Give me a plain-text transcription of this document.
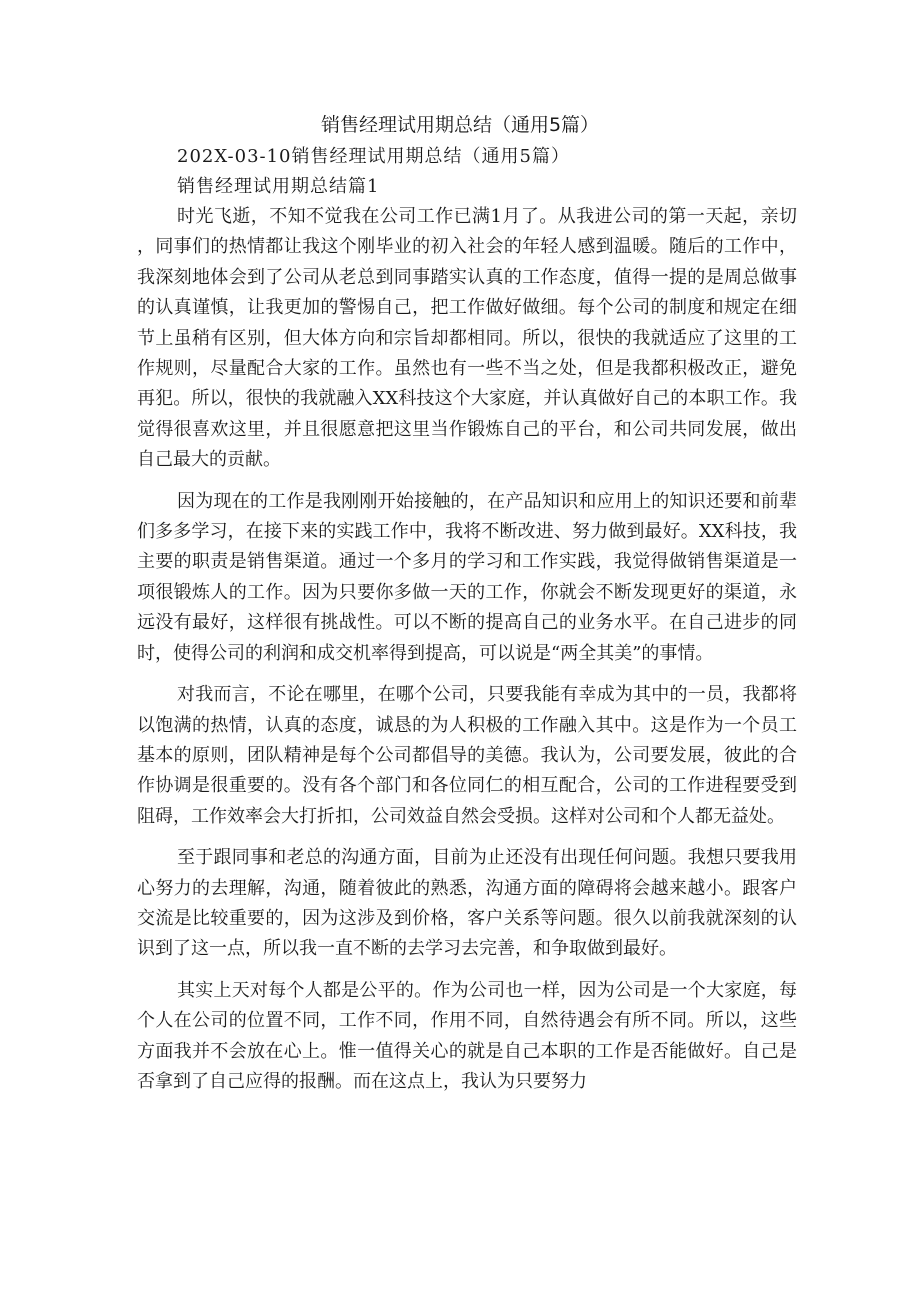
销售经理试用期总结（通用5篇）
202X-03-10销售经理试用期总结（通用5篇）
销售经理试用期总结篇1

时光飞逝，不知不觉我在公司工作已满1月了。从我进公司的第一天起，亲切，同事们的热情都让我这个刚毕业的初入社会的年轻人感到温暖。随后的工作中，我深刻地体会到了公司从老总到同事踏实认真的工作态度，值得一提的是周总做事的认真谨慎，让我更加的警惕自己，把工作做好做细。每个公司的制度和规定在细节上虽稍有区别，但大体方向和宗旨却都相同。所以，很快的我就适应了这里的工作规则，尽量配合大家的工作。虽然也有一些不当之处，但是我都积极改正，避免再犯。所以，很快的我就融入XX科技这个大家庭，并认真做好自己的本职工作。我觉得很喜欢这里，并且很愿意把这里当作锻炼自己的平台，和公司共同发展，做出自己最大的贡献。

因为现在的工作是我刚刚开始接触的，在产品知识和应用上的知识还要和前辈们多多学习，在接下来的实践工作中，我将不断改进、努力做到最好。XX科技，我主要的职责是销售渠道。通过一个多月的学习和工作实践，我觉得做销售渠道是一项很锻炼人的工作。因为只要你多做一天的工作，你就会不断发现更好的渠道，永远没有最好，这样很有挑战性。可以不断的提高自己的业务水平。在自己进步的同时，使得公司的利润和成交机率得到提高，可以说是“两全其美”的事情。

对我而言，不论在哪里，在哪个公司，只要我能有幸成为其中的一员，我都将以饱满的热情，认真的态度，诚恳的为人积极的工作融入其中。这是作为一个员工基本的原则，团队精神是每个公司都倡导的美德。我认为，公司要发展，彼此的合作协调是很重要的。没有各个部门和各位同仁的相互配合，公司的工作进程要受到阻碍，工作效率会大打折扣，公司效益自然会受损。这样对公司和个人都无益处。

至于跟同事和老总的沟通方面，目前为止还没有出现任何问题。我想只要我用心努力的去理解，沟通，随着彼此的熟悉，沟通方面的障碍将会越来越小。跟客户交流是比较重要的，因为这涉及到价格，客户关系等问题。很久以前我就深刻的认识到了这一点，所以我一直不断的去学习去完善，和争取做到最好。

其实上天对每个人都是公平的。作为公司也一样，因为公司是一个大家庭，每个人在公司的位置不同，工作不同，作用不同，自然待遇会有所不同。所以，这些方面我并不会放在心上。惟一值得关心的就是自己本职的工作是否能做好。自己是否拿到了自己应得的报酬。而在这点上，我认为只要努力
